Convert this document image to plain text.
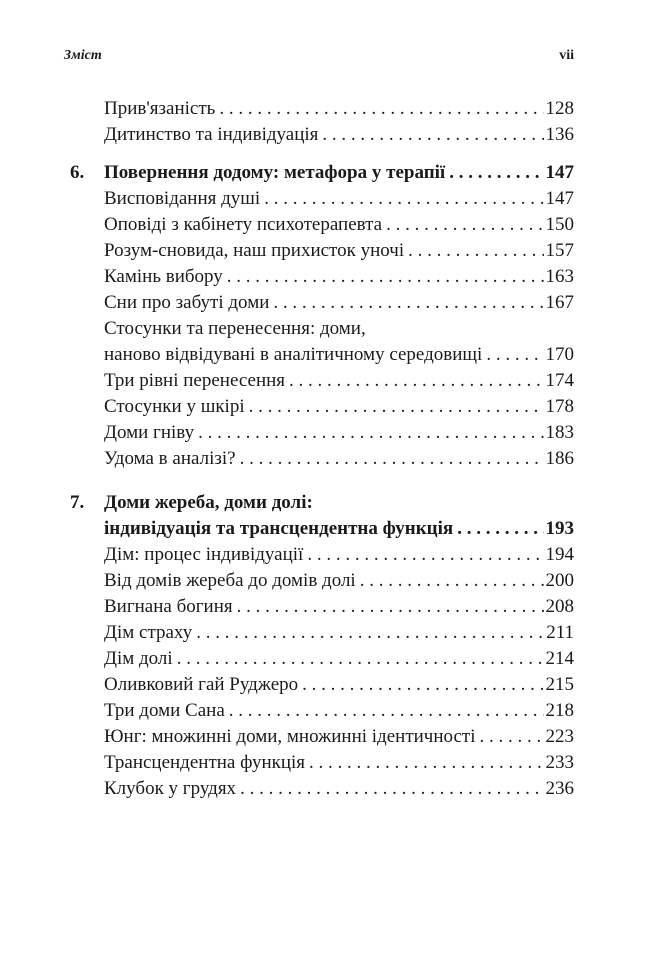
Зміст	vii
Прив'язаність . . .	128
Дитинство та індивідуація . . .	136
6. Повернення додому: метафора у терапії . . .	147
Висповідання душі . . .	147
Оповіді з кабінету психотерапевта . . .	150
Розум-сновида, наш прихисток уночі . . .	157
Камінь вибору . . .	163
Сни про забуті доми . . .	167
Стосунки та перенесення: доми,
наново відвідувані в аналітичному середовищі . . .	170
Три рівні перенесення . . .	174
Стосунки у шкірі . . .	178
Доми гніву . . .	183
Удома в аналізі? . . .	186
7. Доми жереба, доми долі:
індивідуація та трансцендентна функція . . .	193
Дім: процес індивідуації . . .	194
Від домів жереба до домів долі . . .	200
Вигнана богиня . . .	208
Дім страху . . .	211
Дім долі . . .	214
Оливковий гай Руджеро . . .	215
Три доми Сана . . .	218
Юнг: множинні доми, множинні ідентичності . . .	223
Трансцендентна функція . . .	233
Клубок у грудях . . .	236
